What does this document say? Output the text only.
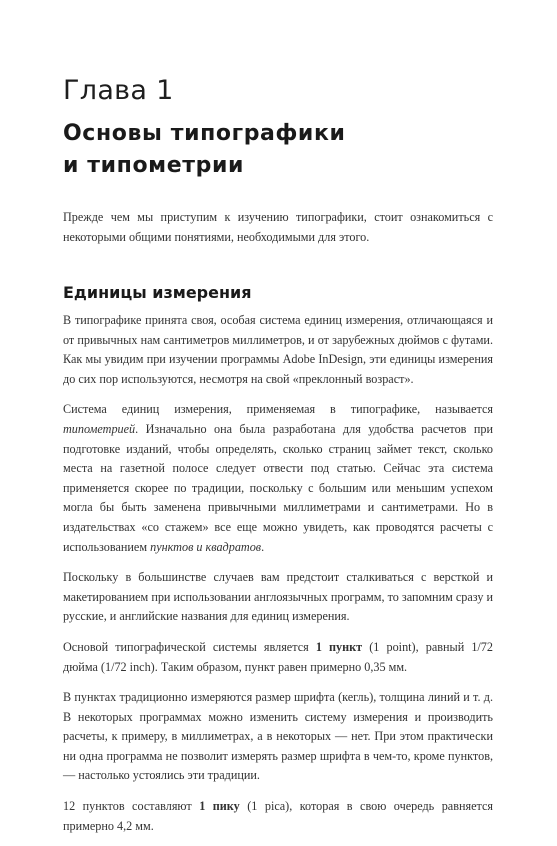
Глава 1
Основы типографики
и типометрии
Прежде чем мы приступим к изучению типографики, стоит ознакомиться с некоторыми общими понятиями, необходимыми для этого.
Единицы измерения

В типографике принята своя, особая система единиц измерения, отличающаяся и от привычных нам сантиметров миллиметров, и от зарубежных дюймов с футами. Как мы увидим при изучении программы Adobe InDesign, эти единицы измерения до сих пор используются, несмотря на свой «преклонный возраст».

Система единиц измерения, применяемая в типографике, называется типометрией. Изначально она была разработана для удобства расчетов при подготовке изданий, чтобы определять, сколько страниц займет текст, сколько места на газетной полосе следует отвести под статью. Сейчас эта система применяется скорее по традиции, поскольку с большим или меньшим успехом могла бы быть заменена привычными миллиметрами и сантиметрами. Но в издательствах «со стажем» все еще можно увидеть, как проводятся расчеты с использованием пунктов и квадратов.

Поскольку в большинстве случаев вам предстоит сталкиваться с версткой и макетированием при использовании англоязычных программ, то запомним сразу и русские, и английские названия для единиц измерения.

Основой типографической системы является 1 пункт (1 point), равный 1/72 дюйма (1/72 inch). Таким образом, пункт равен примерно 0,35 мм.

В пунктах традиционно измеряются размер шрифта (кегль), толщина линий и т. д. В некоторых программах можно изменить систему измерения и производить расчеты, к примеру, в миллиметрах, а в некоторых — нет. При этом практически ни одна программа не позволит измерять размер шрифта в чем-то, кроме пунктов, — настолько устоялись эти традиции.

12 пунктов составляют 1 пику (1 pica), которая в свою очередь равняется примерно 4,2 мм.
